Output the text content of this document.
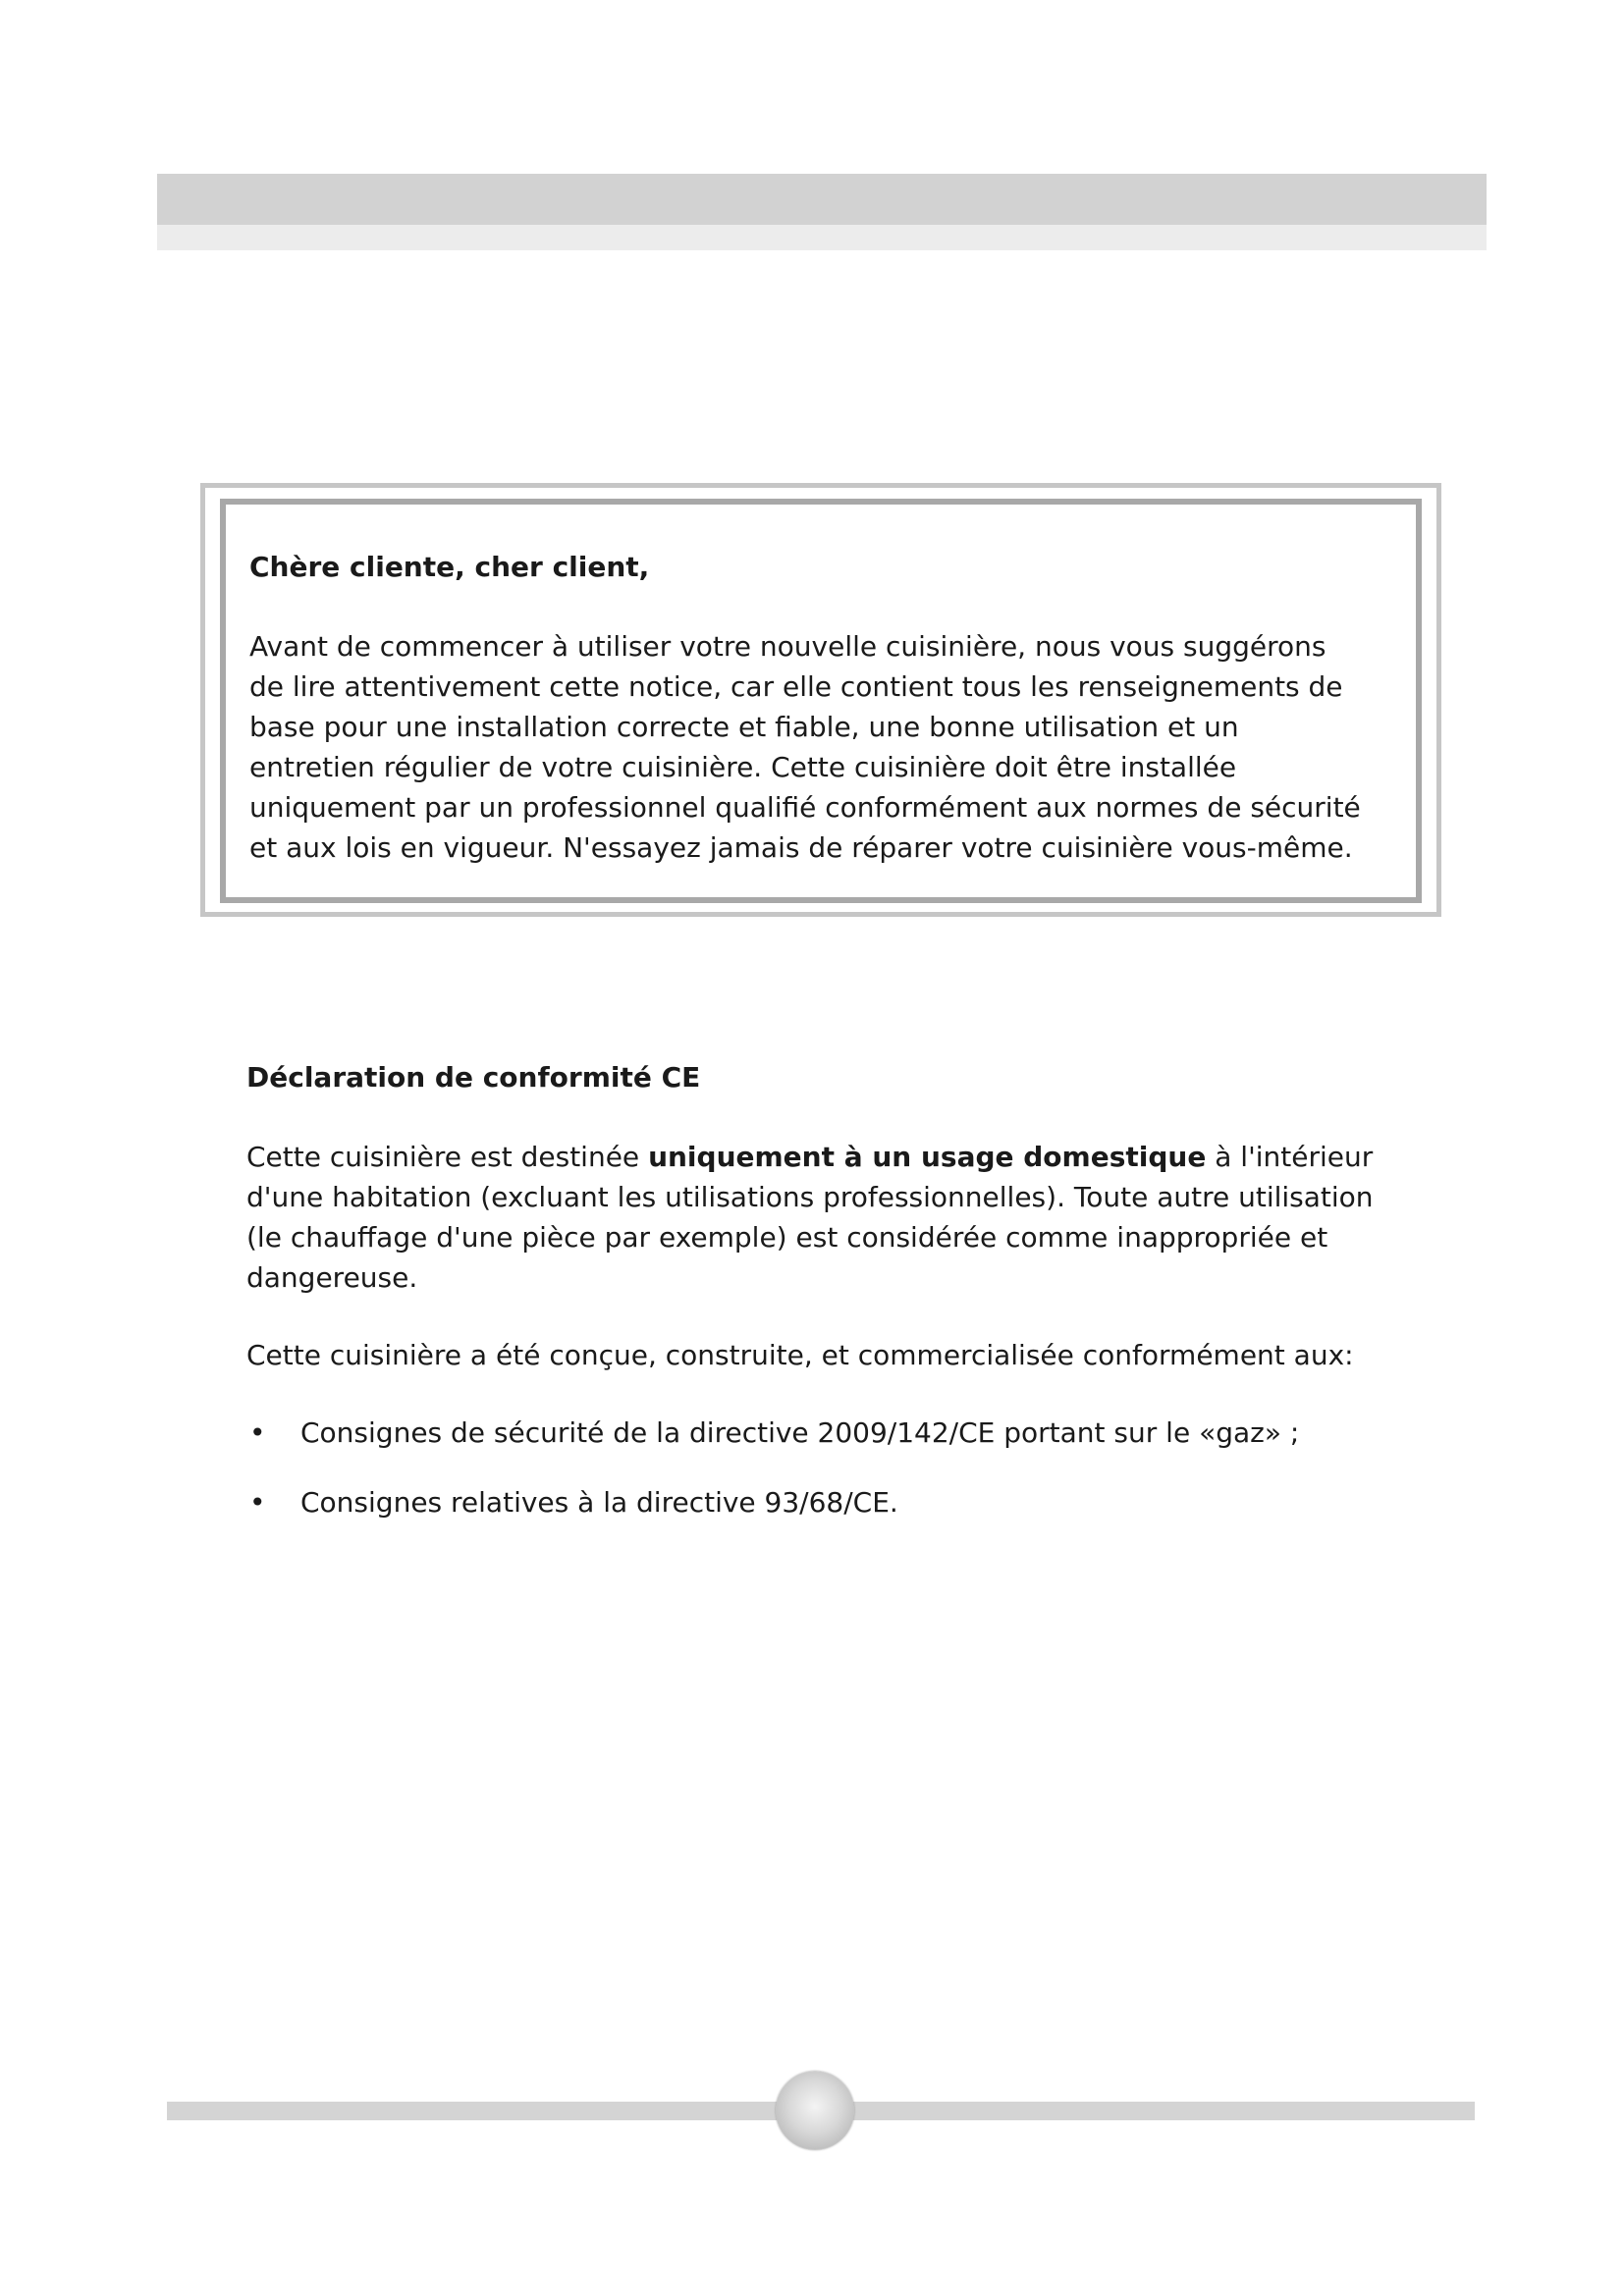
Chère cliente, cher client,

Avant de commencer à utiliser votre nouvelle cuisinière, nous vous suggérons de lire attentivement cette notice, car elle contient tous les renseignements de base pour une installation correcte et fiable, une bonne utilisation et un entretien régulier de votre cuisinière. Cette cuisinière doit être installée uniquement par un professionnel qualifié conformément aux normes de sécurité et aux lois en vigueur. N'essayez jamais de réparer votre cuisinière vous-même.

Déclaration de conformité CE

Cette cuisinière est destinée uniquement à un usage domestique à l'intérieur d'une habitation (excluant les utilisations professionnelles). Toute autre utilisation (le chauffage d'une pièce par exemple) est considérée comme inappropriée et dangereuse.

Cette cuisinière a été conçue, construite, et commercialisée conformément aux:

• Consignes de sécurité de la directive 2009/142/CE portant sur le «gaz» ;
• Consignes relatives à la directive 93/68/CE.
